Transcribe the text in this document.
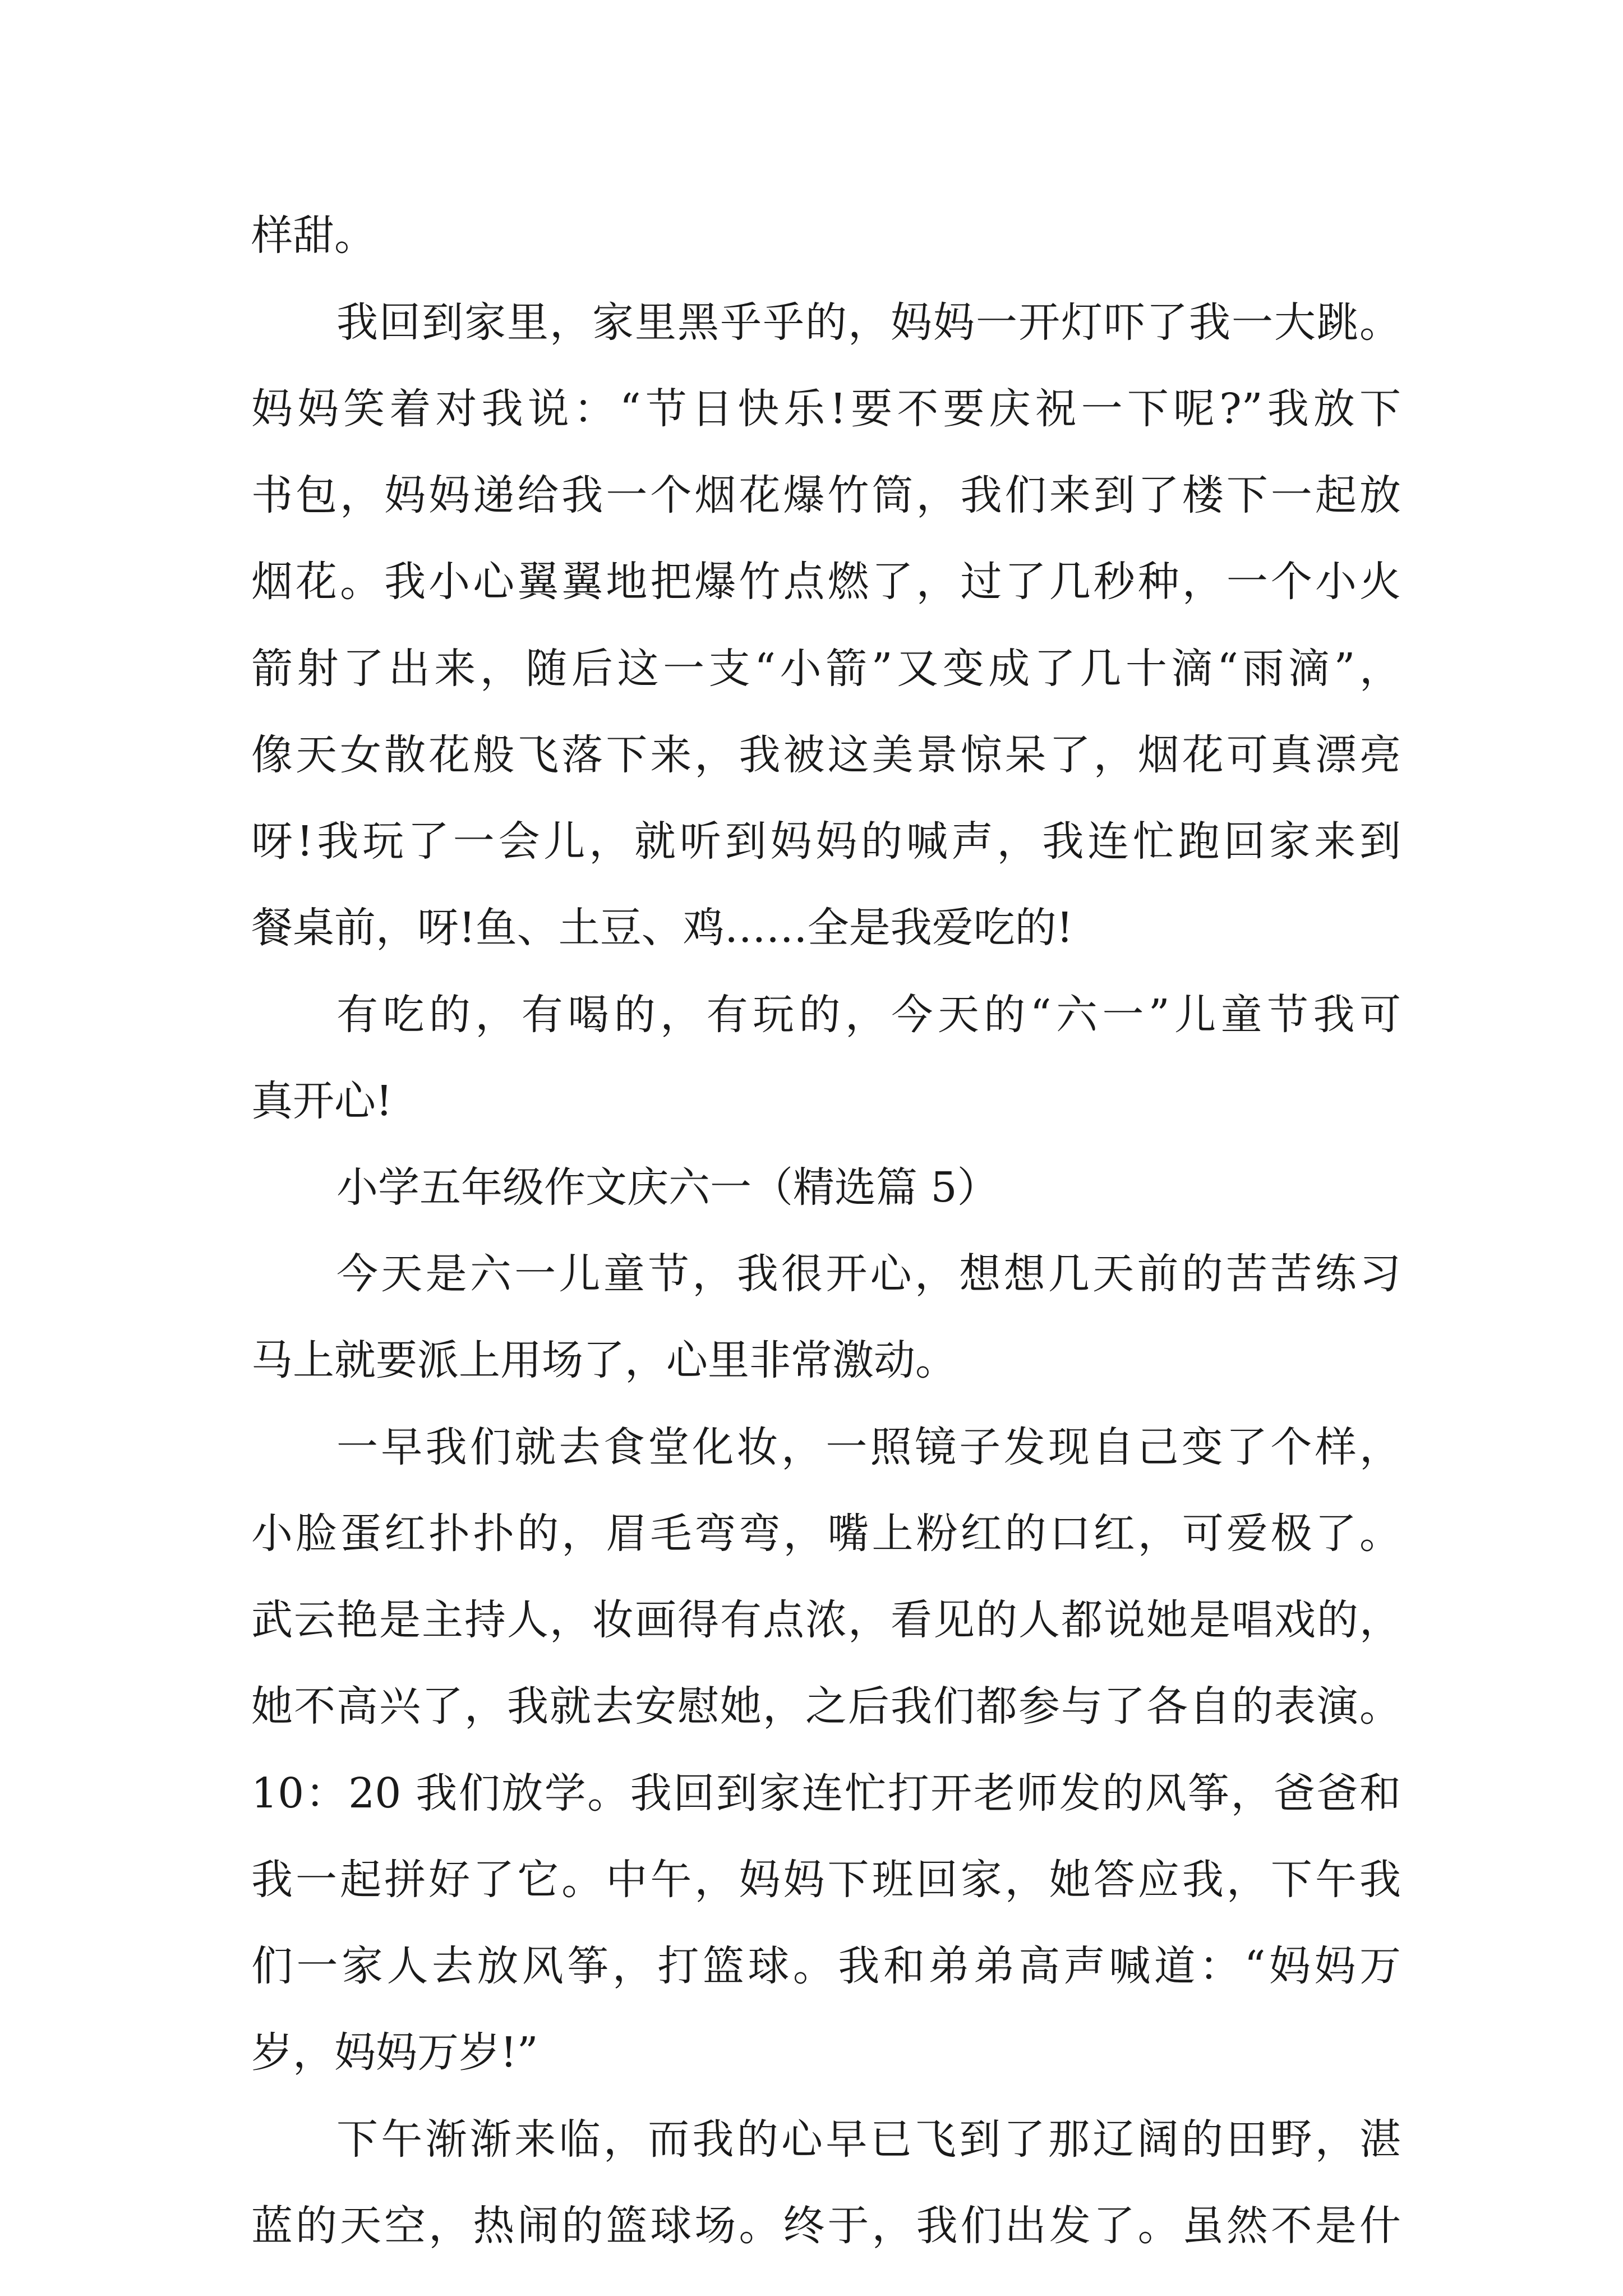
样甜。

我回到家里，家里黑乎乎的，妈妈一开灯吓了我一大跳。

妈妈笑着对我说：“节日快乐!要不要庆祝一下呢?”我放下

书包，妈妈递给我一个烟花爆竹筒，我们来到了楼下一起放

烟花。我小心翼翼地把爆竹点燃了，过了几秒种，一个小火

箭射了出来，随后这一支“小箭”又变成了几十滴“雨滴”，

像天女散花般飞落下来，我被这美景惊呆了，烟花可真漂亮

呀!我玩了一会儿，就听到妈妈的喊声，我连忙跑回家来到

餐桌前，呀!鱼、土豆、鸡……全是我爱吃的!

有吃的，有喝的，有玩的，今天的“六一”儿童节我可

真开心!

小学五年级作文庆六一（精选篇 5）

今天是六一儿童节，我很开心，想想几天前的苦苦练习

马上就要派上用场了，心里非常激动。

一早我们就去食堂化妆，一照镜子发现自己变了个样，

小脸蛋红扑扑的，眉毛弯弯，嘴上粉红的口红，可爱极了。

武云艳是主持人，妆画得有点浓，看见的人都说她是唱戏的，

她不高兴了，我就去安慰她，之后我们都参与了各自的表演。

10：20 我们放学。我回到家连忙打开老师发的风筝，爸爸和

我一起拼好了它。中午，妈妈下班回家，她答应我，下午我

们一家人去放风筝，打篮球。我和弟弟高声喊道：“妈妈万

岁，妈妈万岁!”

下午渐渐来临，而我的心早已飞到了那辽阔的田野，湛

蓝的天空，热闹的篮球场。终于，我们出发了。虽然不是什
